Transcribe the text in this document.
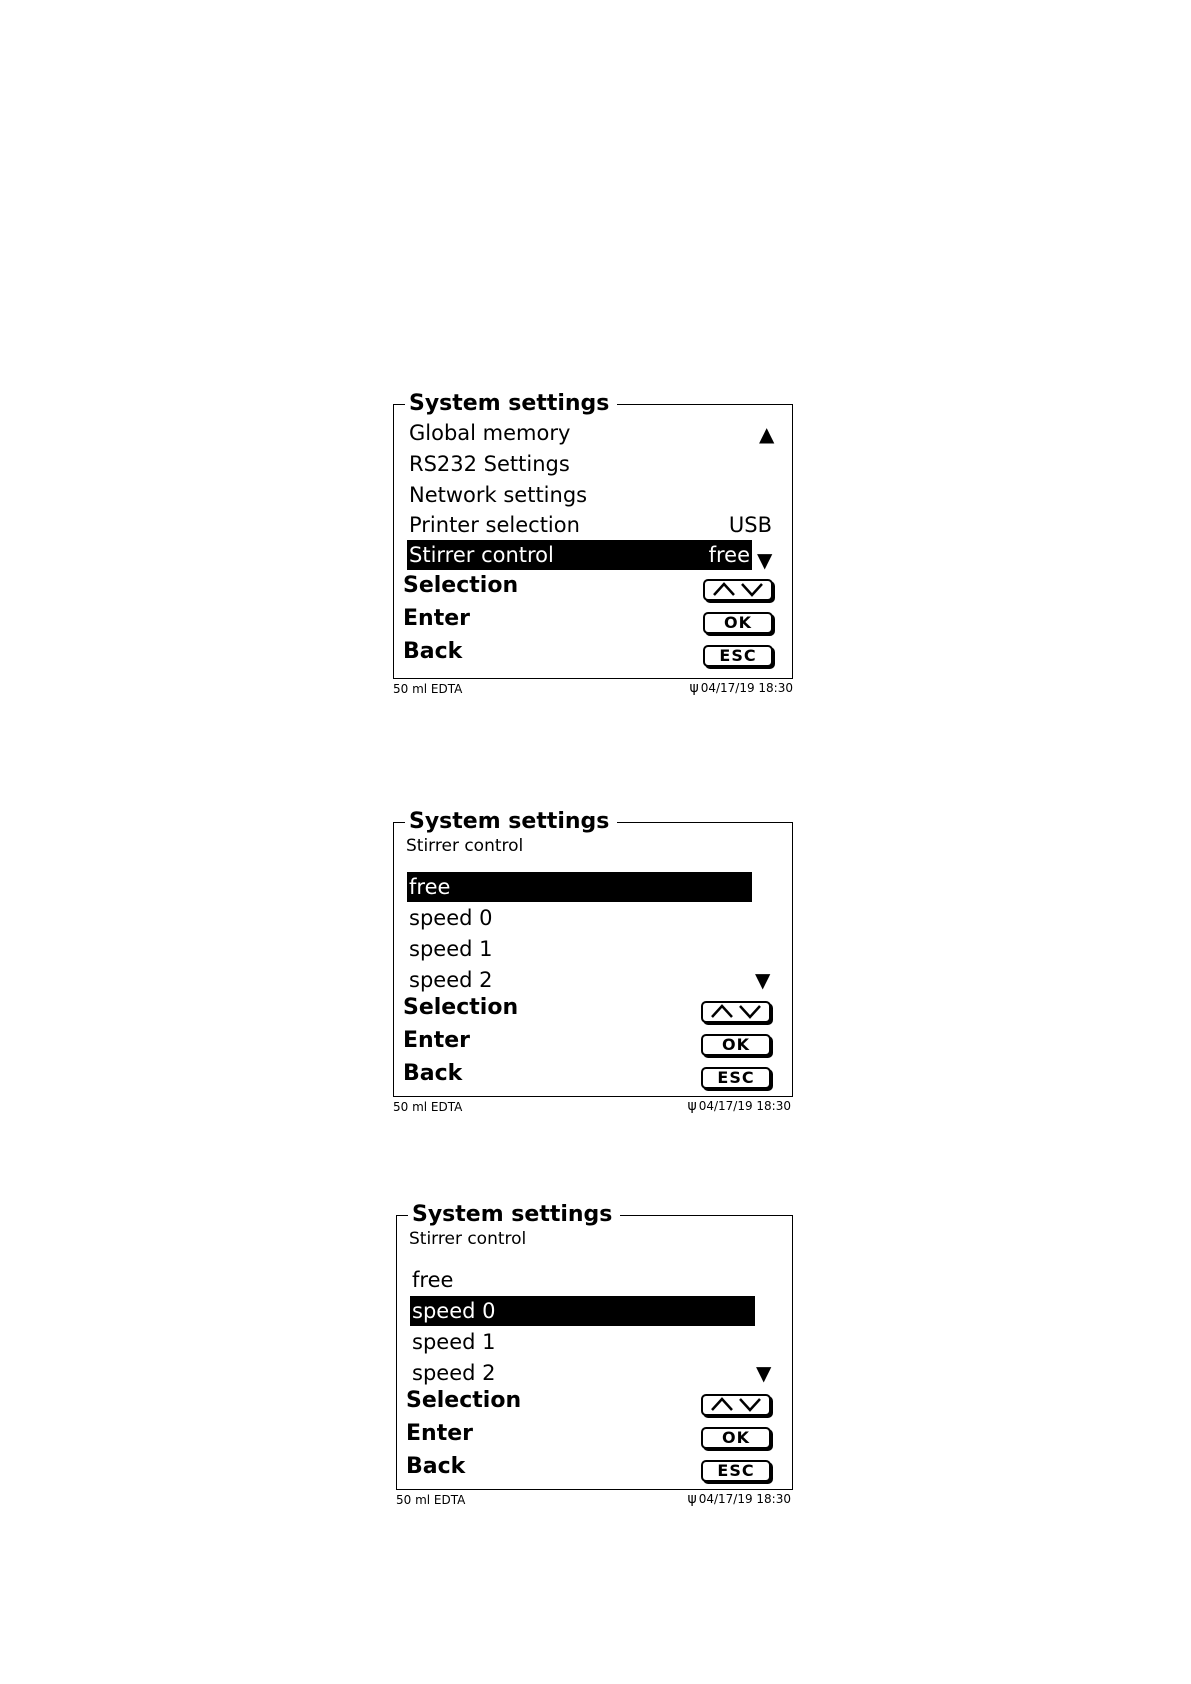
System settings
Global memory	▲
RS232 Settings
Network settings
Printer selection	USB
Stirrer control	free ▼
Selection
Enter	OK
Back	ESC
50 ml EDTA	ψ 04/17/19 18:30
System settings
Stirrer control
free
speed 0
speed 1
speed 2	▼
Selection
Enter	OK
Back	ESC
50 ml EDTA	ψ 04/17/19 18:30
System settings
Stirrer control
free
speed 0
speed 1
speed 2	▼
Selection
Enter	OK
Back	ESC
50 ml EDTA	ψ 04/17/19 18:30
